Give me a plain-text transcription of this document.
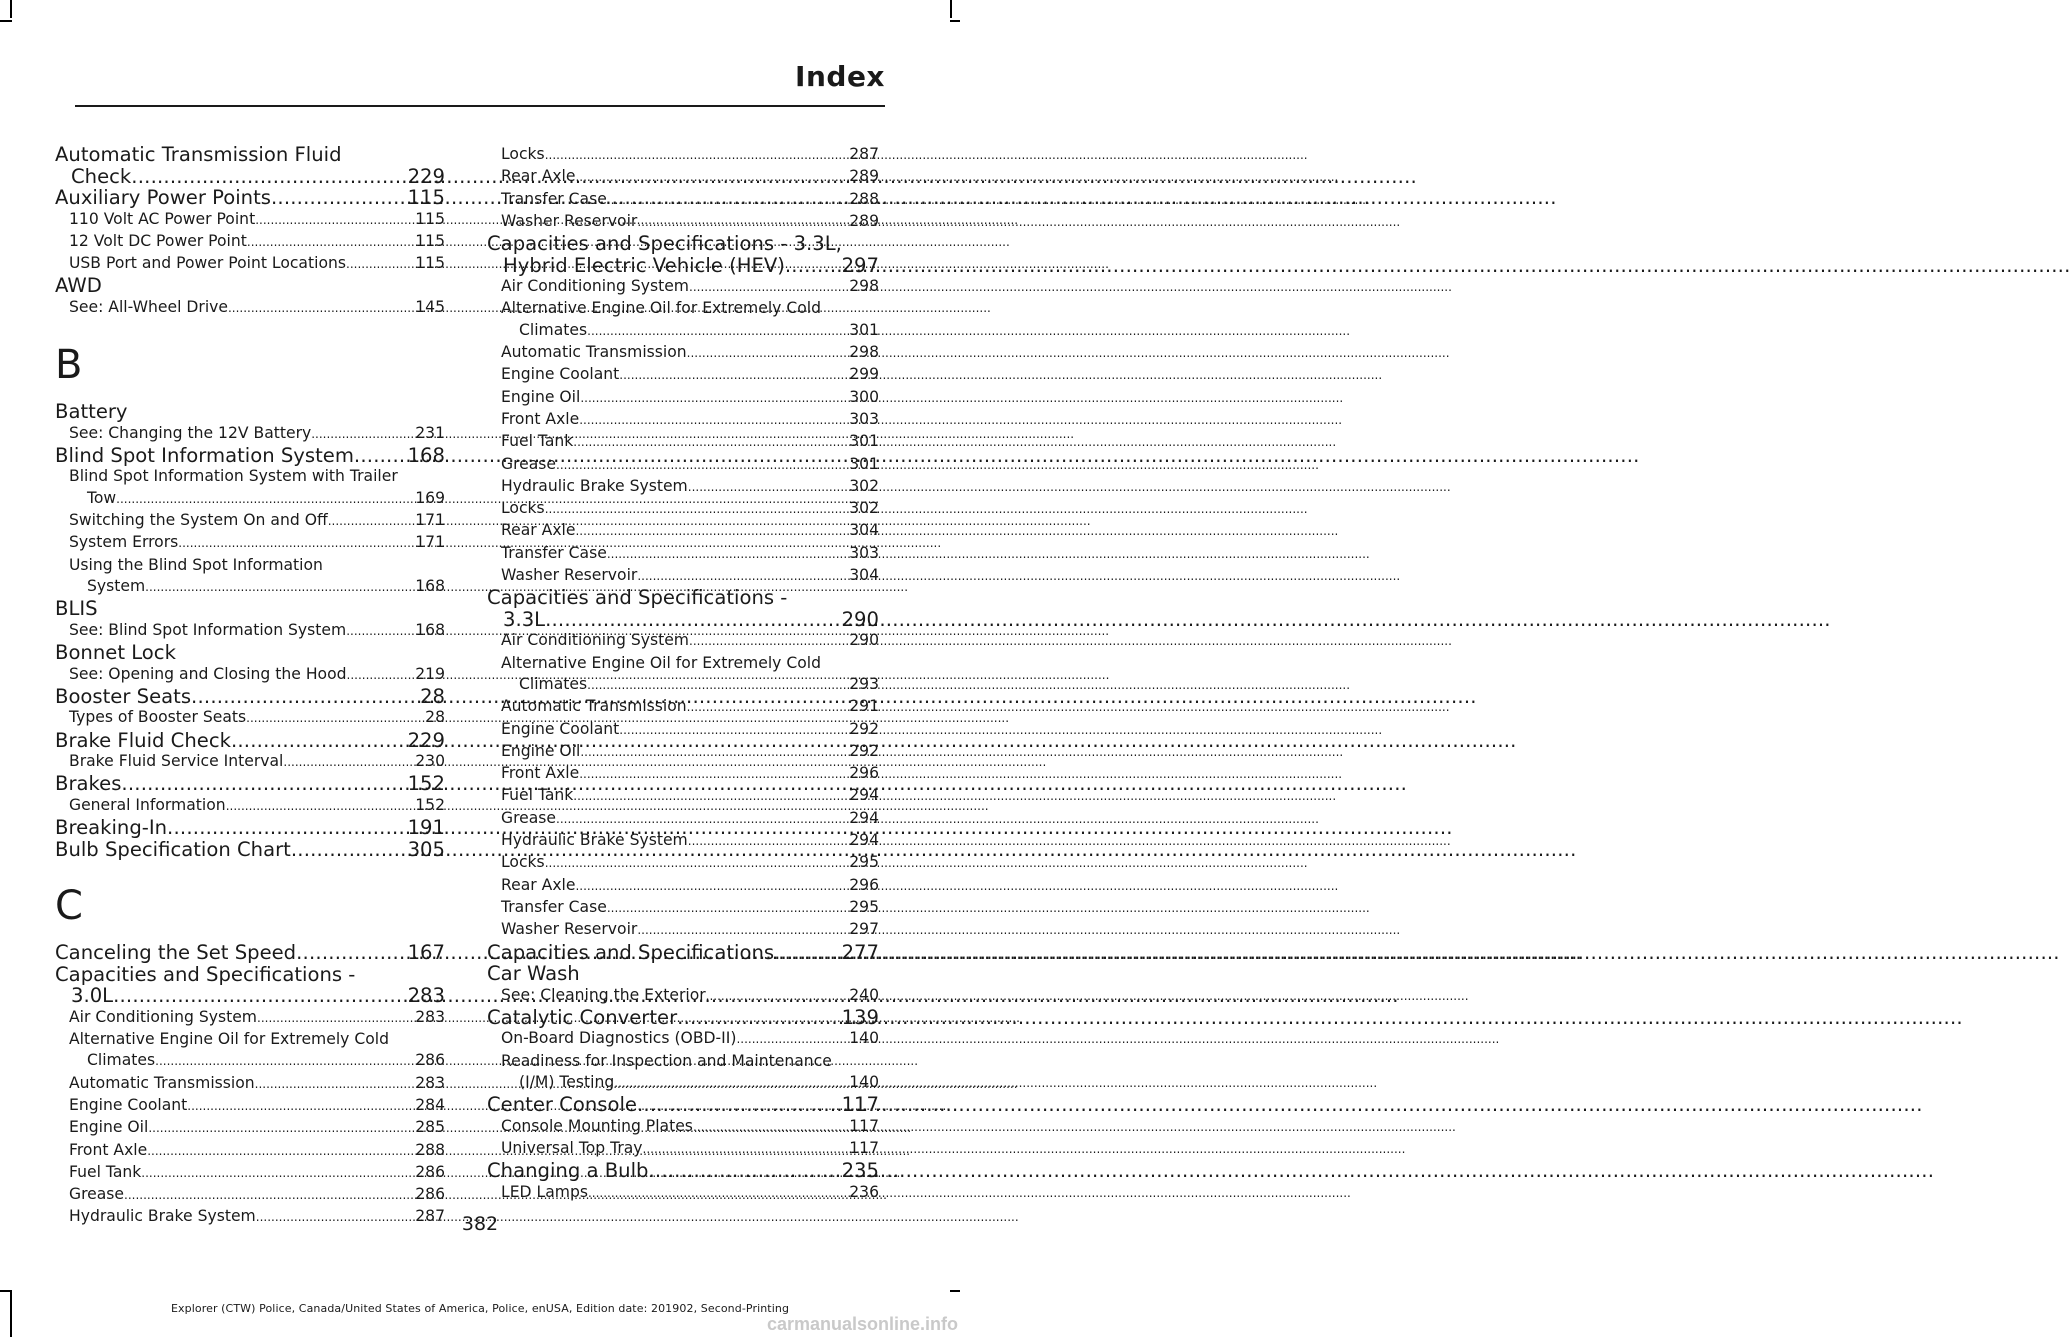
Index
Automatic Transmission Fluid
Check .....	229
Auxiliary Power Points .....	115
110 Volt AC Power Point .....	115
12 Volt DC Power Point .....	115
USB Port and Power Point Locations .....	115
AWD
See: All-Wheel Drive .....	145
B
Battery
See: Changing the 12V Battery .....	231
Blind Spot Information System .....	168
Blind Spot Information System with Trailer
Tow .....	169
Switching the System On and Off .....	171
System Errors .....	171
Using the Blind Spot Information
System .....	168
BLIS
See: Blind Spot Information System .....	168
Bonnet Lock
See: Opening and Closing the Hood .....	219
Booster Seats .....	28
Types of Booster Seats .....	28
Brake Fluid Check .....	229
Brake Fluid Service Interval .....	230
Brakes .....	152
General Information .....	152
Breaking-In .....	191
Bulb Specification Chart .....	305
C
Canceling the Set Speed .....	167
Capacities and Specifications -
3.0L .....	283
Air Conditioning System .....	283
Alternative Engine Oil for Extremely Cold
Climates .....	286
Automatic Transmission .....	283
Engine Coolant .....	284
Engine Oil .....	285
Front Axle .....	288
Fuel Tank .....	286
Grease .....	286
Hydraulic Brake System .....	287
Locks .....	287
Rear Axle .....	289
Transfer Case .....	288
Washer Reservoir .....	289
Capacities and Specifications - 3.3L,
Hybrid Electric Vehicle (HEV) .....	297
Air Conditioning System .....	298
Alternative Engine Oil for Extremely Cold
Climates .....	301
Automatic Transmission .....	298
Engine Coolant .....	299
Engine Oil .....	300
Front Axle .....	303
Fuel Tank .....	301
Grease .....	301
Hydraulic Brake System .....	302
Locks .....	302
Rear Axle .....	304
Transfer Case .....	303
Washer Reservoir .....	304
Capacities and Specifications -
3.3L .....	290
Air Conditioning System .....	290
Alternative Engine Oil for Extremely Cold
Climates .....	293
Automatic Transmission .....	291
Engine Coolant .....	292
Engine Oil .....	292
Front Axle .....	296
Fuel Tank .....	294
Grease .....	294
Hydraulic Brake System .....	294
Locks .....	295
Rear Axle .....	296
Transfer Case .....	295
Washer Reservoir .....	297
Capacities and Specifications .....	277
Car Wash
See: Cleaning the Exterior .....	240
Catalytic Converter .....	139
On-Board Diagnostics (OBD-II) .....	140
Readiness for Inspection and Maintenance
(I/M) Testing .....	140
Center Console .....	117
Console Mounting Plates .....	117
Universal Top Tray .....	117
Changing a Bulb .....	235
LED Lamps .....	236
382
Explorer (CTW) Police, Canada/United States of America, Police, enUSA, Edition date: 201902, Second-Printing
carmanualsonline.info
